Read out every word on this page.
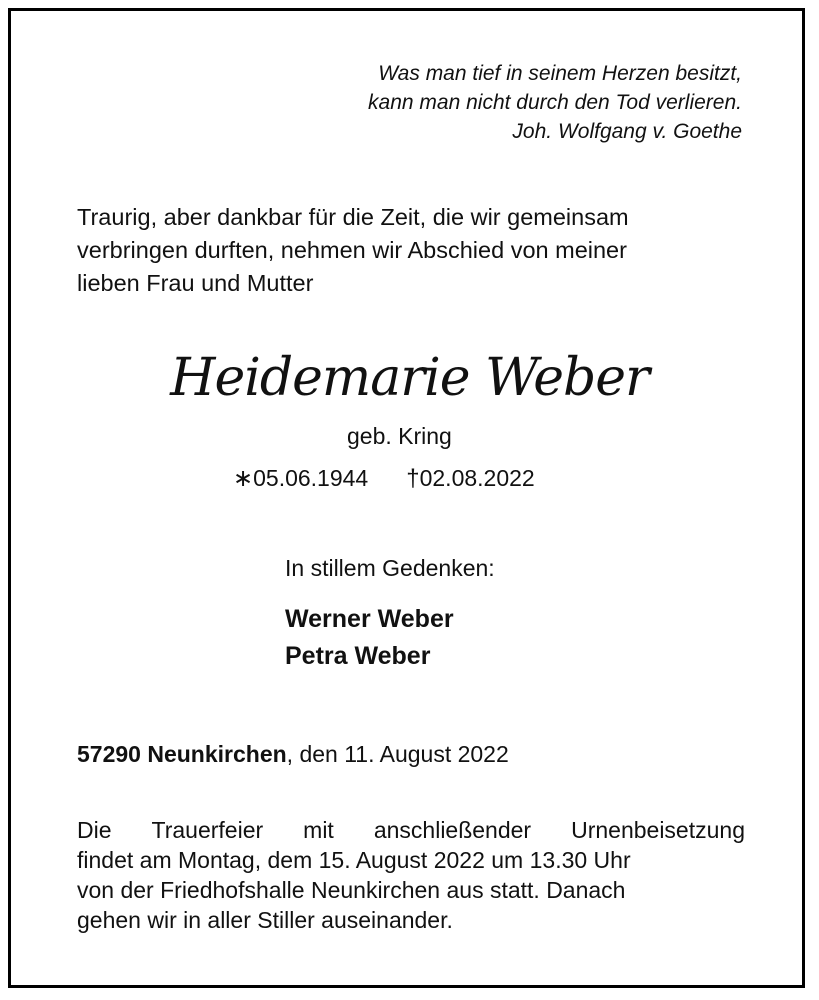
Was man tief in seinem Herzen besitzt,
kann man nicht durch den Tod verlieren.
Joh. Wolfgang v. Goethe
Traurig, aber dankbar für die Zeit, die wir gemeinsam
verbringen durften, nehmen wir Abschied von meiner
lieben Frau und Mutter
Heidemarie Weber
geb. Kring
∗05.06.1944 †02.08.2022
In stillem Gedenken:
Werner Weber
Petra Weber
57290 Neunkirchen, den 11. August 2022
Die Trauerfeier mit anschließender Urnenbeisetzung
findet am Montag, dem 15. August 2022 um 13.30 Uhr
von der Friedhofshalle Neunkirchen aus statt. Danach
gehen wir in aller Stiller auseinander.
